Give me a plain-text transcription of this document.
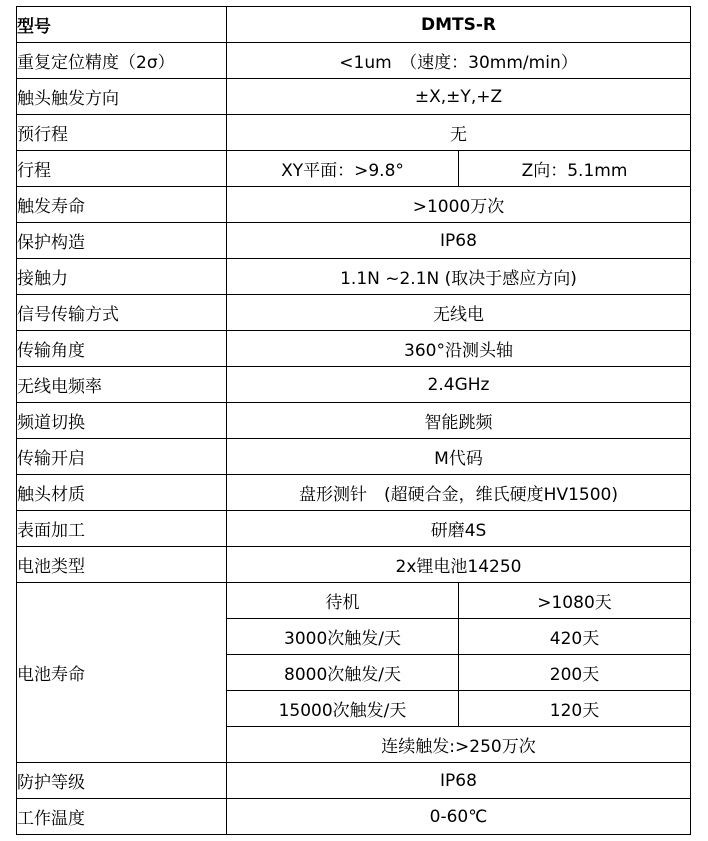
型号	DMTS-R	
重复定位精度（2σ）	<1um　（速度：30mm/min）	
触头触发方向	±X,±Y,+Z	
预行程	无	
行程	XY平面：>9.8°	Z向：5.1mm
触发寿命	>1000万次	
保护构造	IP68	
接触力	1.1N ~2.1N (取决于感应方向)	
信号传输方式	无线电	
传输角度	360°沿测头轴	
无线电频率	2.4GHz	
频道切换	智能跳频	
传输开启	M代码	
触头材质	盘形测针　(超硬合金，维氏硬度HV1500)	
表面加工	研磨4S	
电池类型	2x锂电池14250	
电池寿命	待机	>1080天
	3000次触发/天	420天
	8000次触发/天	200天
	15000次触发/天	120天
	连续触发:>250万次	
防护等级	IP68	
工作温度	0-60℃	
